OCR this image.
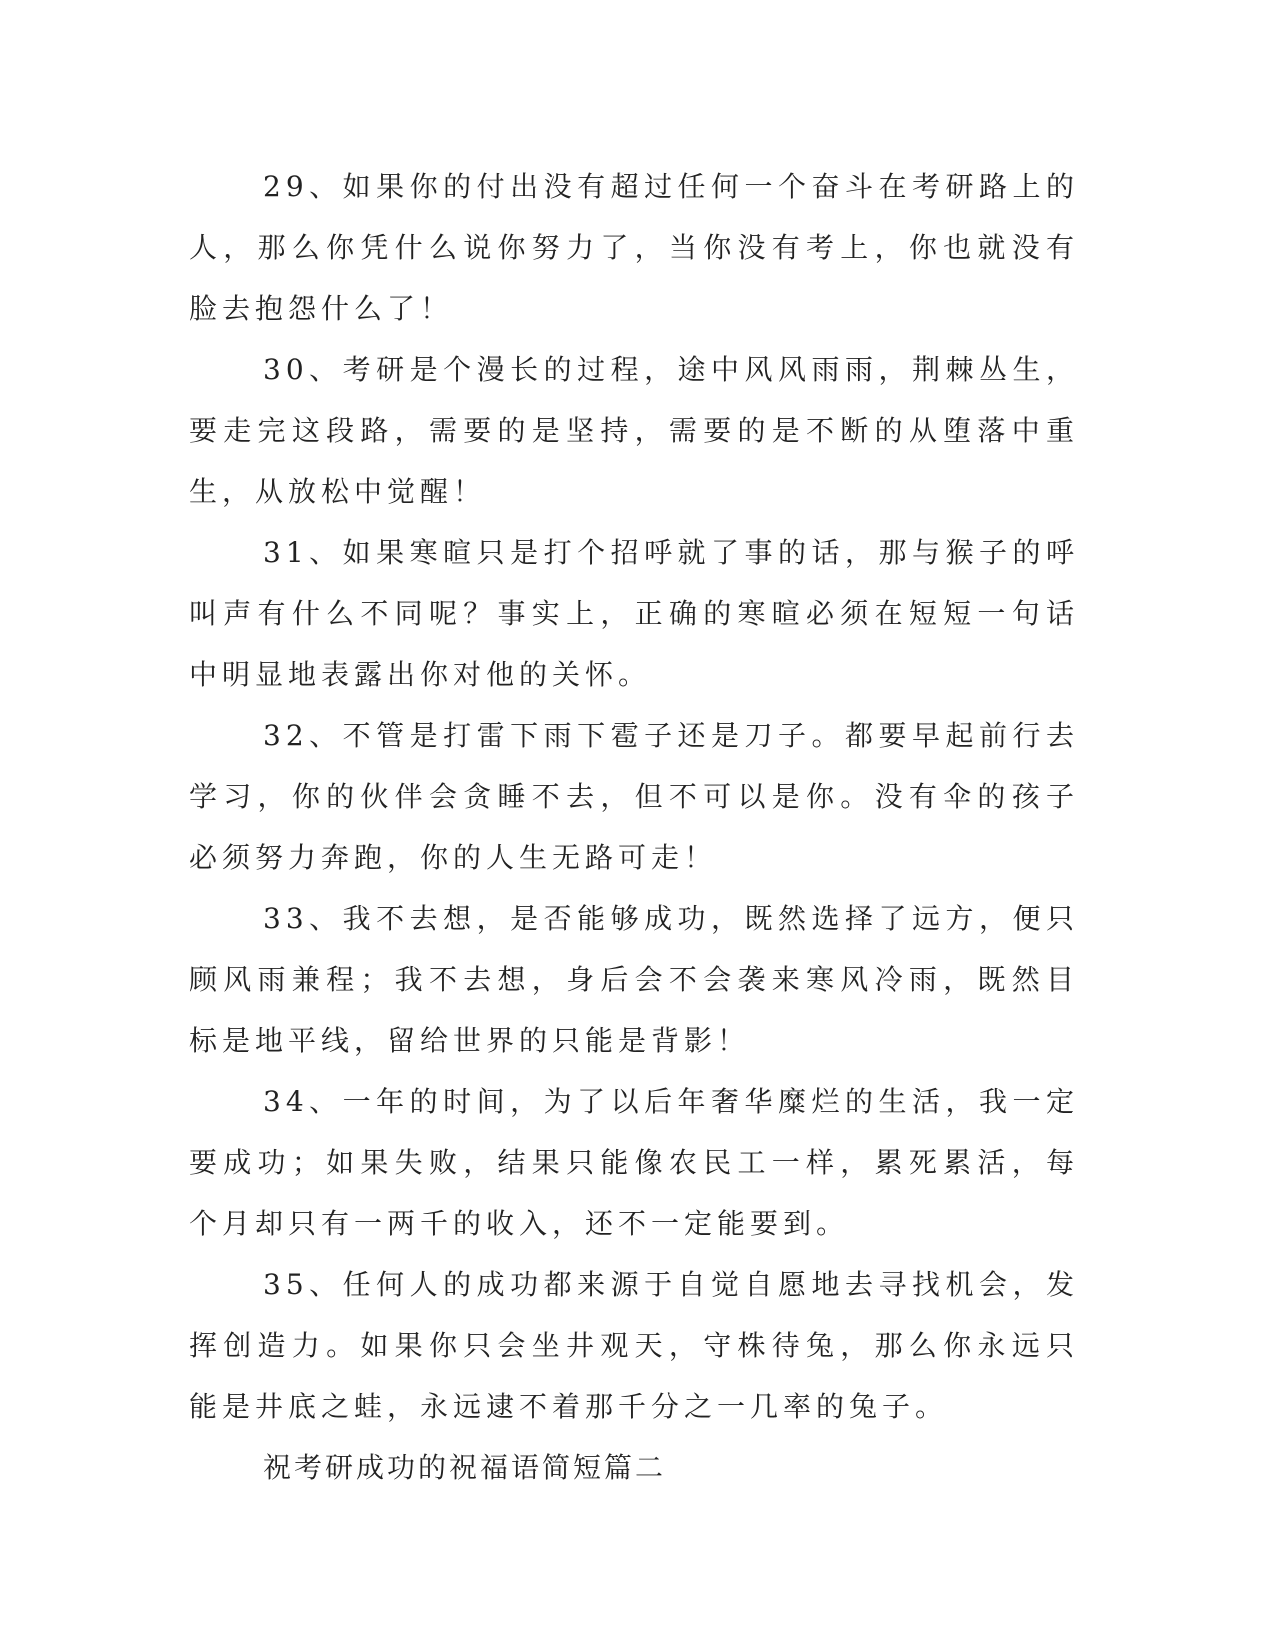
29、如果你的付出没有超过任何一个奋斗在考研路上的人，那么你凭什么说你努力了，当你没有考上，你也就没有脸去抱怨什么了！

30、考研是个漫长的过程，途中风风雨雨，荆棘丛生，要走完这段路，需要的是坚持，需要的是不断的从堕落中重生，从放松中觉醒！

31、如果寒暄只是打个招呼就了事的话，那与猴子的呼叫声有什么不同呢？事实上，正确的寒暄必须在短短一句话中明显地表露出你对他的关怀。

32、不管是打雷下雨下雹子还是刀子。都要早起前行去学习，你的伙伴会贪睡不去，但不可以是你。没有伞的孩子必须努力奔跑，你的人生无路可走！

33、我不去想，是否能够成功，既然选择了远方，便只顾风雨兼程；我不去想，身后会不会袭来寒风冷雨，既然目标是地平线，留给世界的只能是背影！

34、一年的时间，为了以后年奢华糜烂的生活，我一定要成功；如果失败，结果只能像农民工一样，累死累活，每个月却只有一两千的收入，还不一定能要到。

35、任何人的成功都来源于自觉自愿地去寻找机会，发挥创造力。如果你只会坐井观天，守株待兔，那么你永远只能是井底之蛙，永远逮不着那千分之一几率的兔子。

祝考研成功的祝福语简短篇二
